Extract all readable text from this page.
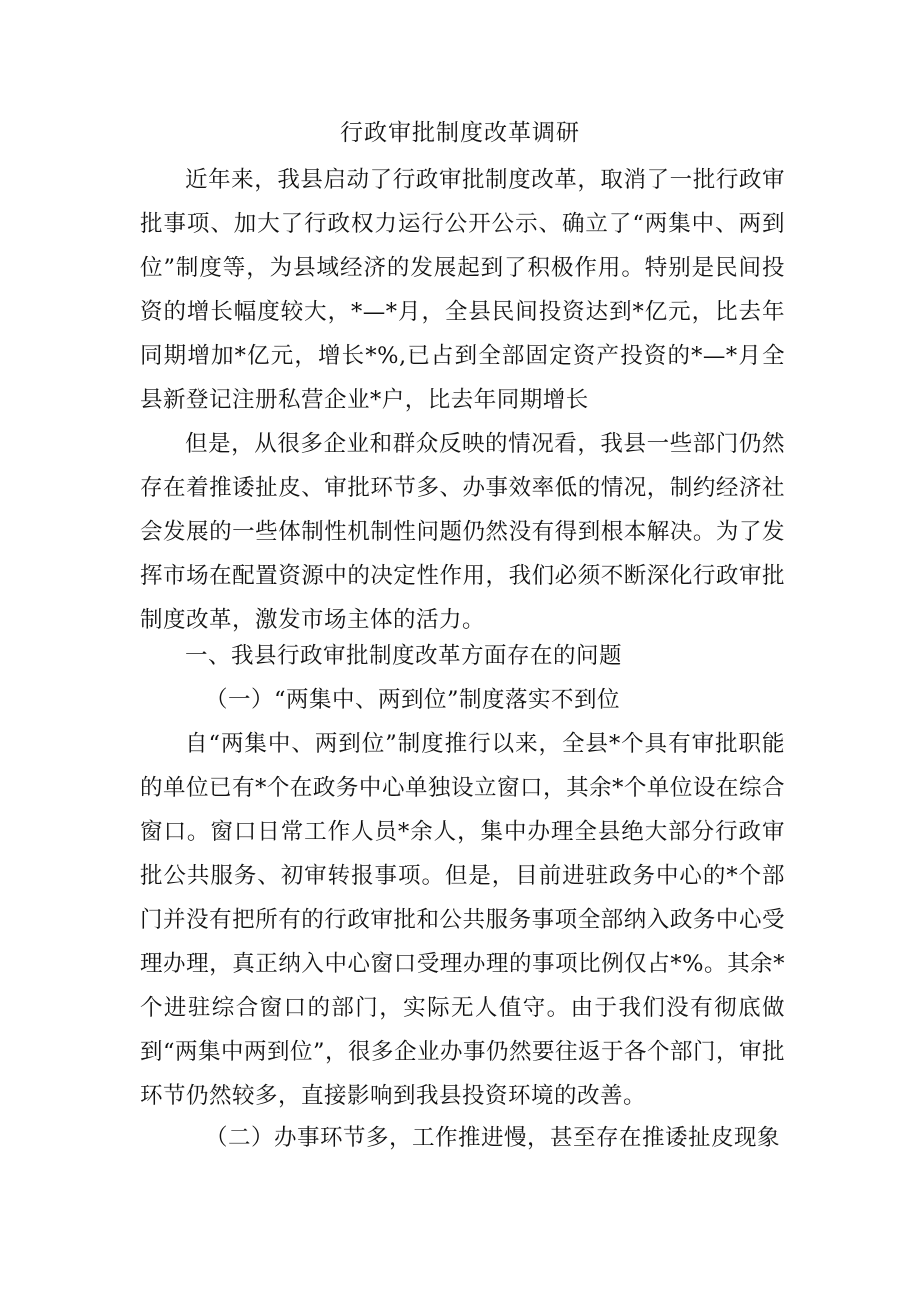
行政审批制度改革调研

近年来，我县启动了行政审批制度改革，取消了一批行政审批事项、加大了行政权力运行公开公示、确立了“两集中、两到位”制度等，为县域经济的发展起到了积极作用。特别是民间投资的增长幅度较大，*—*月，全县民间投资达到*亿元，比去年同期增加*亿元，增长*%,已占到全部固定资产投资的*—*月全县新登记注册私营企业*户，比去年同期增长

但是，从很多企业和群众反映的情况看，我县一些部门仍然存在着推诿扯皮、审批环节多、办事效率低的情况，制约经济社会发展的一些体制性机制性问题仍然没有得到根本解决。为了发挥市场在配置资源中的决定性作用，我们必须不断深化行政审批制度改革，激发市场主体的活力。

一、我县行政审批制度改革方面存在的问题

（一）“两集中、两到位”制度落实不到位

自“两集中、两到位”制度推行以来，全县*个具有审批职能的单位已有*个在政务中心单独设立窗口，其余*个单位设在综合窗口。窗口日常工作人员*余人，集中办理全县绝大部分行政审批公共服务、初审转报事项。但是，目前进驻政务中心的*个部门并没有把所有的行政审批和公共服务事项全部纳入政务中心受理办理，真正纳入中心窗口受理办理的事项比例仅占*%。其余*个进驻综合窗口的部门，实际无人值守。由于我们没有彻底做到“两集中两到位”，很多企业办事仍然要往返于各个部门，审批环节仍然较多，直接影响到我县投资环境的改善。

（二）办事环节多，工作推进慢，甚至存在推诿扯皮现象
